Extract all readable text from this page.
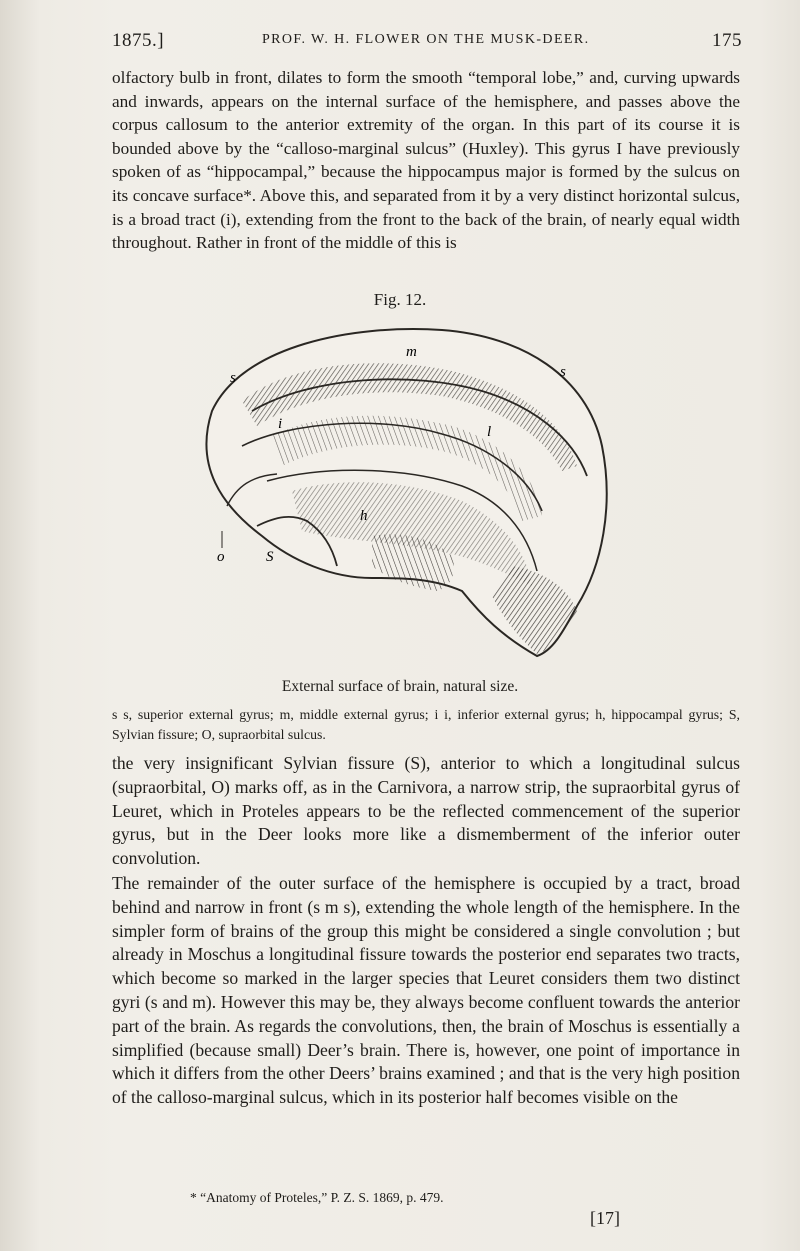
1875.]	PROF. W. H. FLOWER ON THE MUSK-DEER.	175
olfactory bulb in front, dilates to form the smooth “temporal lobe,” and, curving upwards and inwards, appears on the internal surface of the hemisphere, and passes above the corpus callosum to the anterior extremity of the organ. In this part of its course it is bounded above by the “calloso-marginal sulcus” (Huxley). This gyrus I have previously spoken of as “hippocampal,” because the hippocampus major is formed by the sulcus on its concave surface*. Above this, and separated from it by a very distinct horizontal sulcus, is a broad tract (i), extending from the front to the back of the brain, of nearly equal width throughout. Rather in front of the middle of this is
Fig. 12.
s
m
s
i	l
h
o	S
External surface of brain, natural size.
s s, superior external gyrus; m, middle external gyrus; i i, inferior external gyrus; h, hippocampal gyrus; S, Sylvian fissure; O, supraorbital sulcus.
the very insignificant Sylvian fissure (S), anterior to which a longitudinal sulcus (supraorbital, O) marks off, as in the Carnivora, a narrow strip, the supraorbital gyrus of Leuret, which in Proteles appears to be the reflected commencement of the superior gyrus, but in the Deer looks more like a dismemberment of the inferior outer convolution.
The remainder of the outer surface of the hemisphere is occupied by a tract, broad behind and narrow in front (s m s), extending the whole length of the hemisphere. In the simpler form of brains of the group this might be considered a single convolution ; but already in Moschus a longitudinal fissure towards the posterior end separates two tracts, which become so marked in the larger species that Leuret considers them two distinct gyri (s and m). However this may be, they always become confluent towards the anterior part of the brain. As regards the convolutions, then, the brain of Moschus is essentially a simplified (because small) Deer’s brain. There is, however, one point of importance in which it differs from the other Deers’ brains examined ; and that is the very high position of the calloso-marginal sulcus, which in its posterior half becomes visible on the
* “Anatomy of Proteles,” P. Z. S. 1869, p. 479.
[17]
